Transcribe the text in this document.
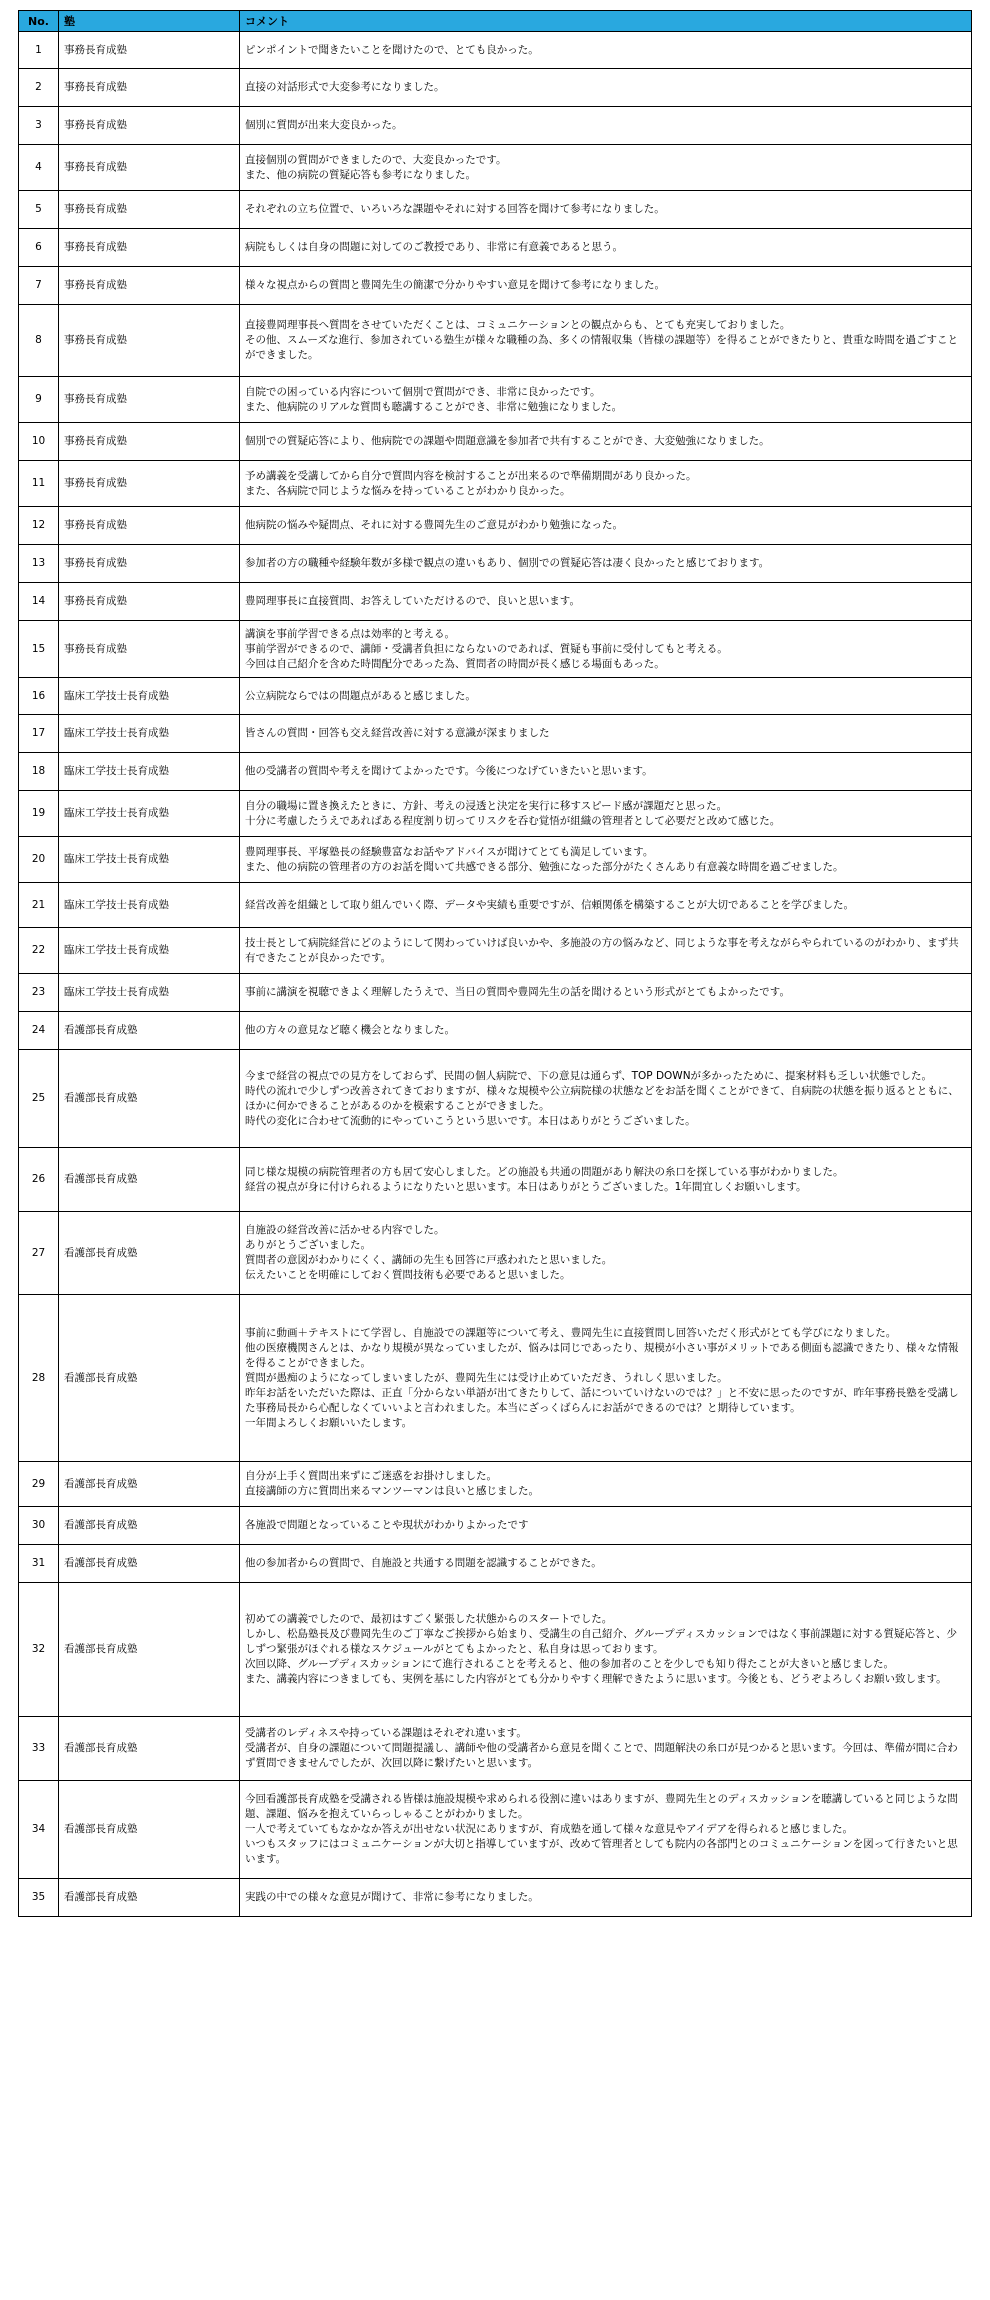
No.	塾	コメント
1	事務長育成塾	ピンポイントで聞きたいことを聞けたので、とても良かった。

2	事務長育成塾	直接の対話形式で大変参考になりました。

3	事務長育成塾	個別に質問が出来大変良かった。

4	事務長育成塾	直接個別の質問ができましたので、大変良かったです。
また、他の病院の質疑応答も参考になりました。

5	事務長育成塾	それぞれの立ち位置で、いろいろな課題やそれに対する回答を聞けて参考になりました。

6	事務長育成塾	病院もしくは自身の問題に対してのご教授であり、非常に有意義であると思う。

7	事務長育成塾	様々な視点からの質問と豊岡先生の簡潔で分かりやすい意見を聞けて参考になりました。

8	事務長育成塾	直接豊岡理事長へ質問をさせていただくことは、コミュニケーションとの観点からも、とても充実しておりました。
その他、スムーズな進行、参加されている塾生が様々な職種の為、多くの情報収集（皆様の課題等）を得ることができたりと、貴重な時間を過ごすことができました。

9	事務長育成塾	自院での困っている内容について個別で質問ができ、非常に良かったです。
また、他病院のリアルな質問も聴講することができ、非常に勉強になりました。

10	事務長育成塾	個別での質疑応答により、他病院での課題や問題意識を参加者で共有することができ、大変勉強になりました。

11	事務長育成塾	予め講義を受講してから自分で質問内容を検討することが出来るので準備期間があり良かった。
また、各病院で同じような悩みを持っていることがわかり良かった。

12	事務長育成塾	他病院の悩みや疑問点、それに対する豊岡先生のご意見がわかり勉強になった。

13	事務長育成塾	参加者の方の職種や経験年数が多様で観点の違いもあり、個別での質疑応答は凄く良かったと感じております。

14	事務長育成塾	豊岡理事長に直接質問、お答えしていただけるので、良いと思います。

15	事務長育成塾	講演を事前学習できる点は効率的と考える。
事前学習ができるので、講師・受講者負担にならないのであれば、質疑も事前に受付してもと考える。
今回は自己紹介を含めた時間配分であった為、質問者の時間が長く感じる場面もあった。

16	臨床工学技士長育成塾	公立病院ならではの問題点があると感じました。

17	臨床工学技士長育成塾	皆さんの質問・回答も交え経営改善に対する意識が深まりました

18	臨床工学技士長育成塾	他の受講者の質問や考えを聞けてよかったです。今後につなげていきたいと思います。

19	臨床工学技士長育成塾	自分の職場に置き換えたときに、方針、考えの浸透と決定を実行に移すスピード感が課題だと思った。
十分に考慮したうえであればある程度割り切ってリスクを呑む覚悟が組織の管理者として必要だと改めて感じた。

20	臨床工学技士長育成塾	豊岡理事長、平塚塾長の経験豊富なお話やアドバイスが聞けてとても満足しています。
また、他の病院の管理者の方のお話を聞いて共感できる部分、勉強になった部分がたくさんあり有意義な時間を過ごせました。

21	臨床工学技士長育成塾	経営改善を組織として取り組んでいく際、データや実績も重要ですが、信頼関係を構築することが大切であることを学びました。

22	臨床工学技士長育成塾	技士長として病院経営にどのようにして関わっていけば良いかや、多施設の方の悩みなど、同じような事を考えながらやられているのがわかり、まず共有できたことが良かったです。

23	臨床工学技士長育成塾	事前に講演を視聴できよく理解したうえで、当日の質問や豊岡先生の話を聞けるという形式がとてもよかったです。

24	看護部長育成塾	他の方々の意見など聴く機会となりました。

25	看護部長育成塾	今まで経営の視点での見方をしておらず、民間の個人病院で、下の意見は通らず、TOP DOWNが多かったために、提案材料も乏しい状態でした。
時代の流れで少しずつ改善されてきておりますが、様々な規模や公立病院様の状態などをお話を聞くことができて、自病院の状態を振り返るとともに、ほかに何かできることがあるのかを模索することができました。
時代の変化に合わせて流動的にやっていこうという思いです。本日はありがとうございました。

26	看護部長育成塾	同じ様な規模の病院管理者の方も居て安心しました。どの施設も共通の問題があり解決の糸口を探している事がわかりました。
経営の視点が身に付けられるようになりたいと思います。本日はありがとうございました。1年間宜しくお願いします。

27	看護部長育成塾	自施設の経営改善に活かせる内容でした。
ありがとうございました。
質問者の意図がわかりにくく、講師の先生も回答に戸惑われたと思いました。
伝えたいことを明確にしておく質問技術も必要であると思いました。

28	看護部長育成塾	事前に動画＋テキストにて学習し、自施設での課題等について考え、豊岡先生に直接質問し回答いただく形式がとても学びになりました。
他の医療機関さんとは、かなり規模が異なっていましたが、悩みは同じであったり、規模が小さい事がメリットである側面も認識できたり、様々な情報を得ることができました。
質問が愚痴のようになってしまいましたが、豊岡先生には受け止めていただき、うれしく思いました。
昨年お話をいただいた際は、正直「分からない単語が出てきたりして、話についていけないのでは？」と不安に思ったのですが、昨年事務長塾を受講した事務局長から心配しなくていいよと言われました。本当にざっくばらんにお話ができるのでは？と期待しています。
一年間よろしくお願いいたします。

29	看護部長育成塾	自分が上手く質問出来ずにご迷惑をお掛けしました。
直接講師の方に質問出来るマンツーマンは良いと感じました。

30	看護部長育成塾	各施設で問題となっていることや現状がわかりよかったです

31	看護部長育成塾	他の参加者からの質問で、自施設と共通する問題を認識することができた。

32	看護部長育成塾	初めての講義でしたので、最初はすごく緊張した状態からのスタートでした。
しかし、松島塾長及び豊岡先生のご丁寧なご挨拶から始まり、受講生の自己紹介、グループディスカッションではなく事前課題に対する質疑応答と、少しずつ緊張がほぐれる様なスケジュールがとてもよかったと、私自身は思っております。
次回以降、グループディスカッションにて進行されることを考えると、他の参加者のことを少しでも知り得たことが大きいと感じました。
また、講義内容につきましても、実例を基にした内容がとても分かりやすく理解できたように思います。今後とも、どうぞよろしくお願い致します。

33	看護部長育成塾	受講者のレディネスや持っている課題はそれぞれ違います。
受講者が、自身の課題について問題提議し、講師や他の受講者から意見を聞くことで、問題解決の糸口が見つかると思います。今回は、準備が間に合わず質問できませんでしたが、次回以降に繋げたいと思います。

34	看護部長育成塾	今回看護部長育成塾を受講される皆様は施設規模や求められる役割に違いはありますが、豊岡先生とのディスカッションを聴講していると同じような問題、課題、悩みを抱えていらっしゃることがわかりました。
一人で考えていてもなかなか答えが出せない状況にありますが、育成塾を通して様々な意見やアイデアを得られると感じました。
いつもスタッフにはコミュニケーションが大切と指導していますが、改めて管理者としても院内の各部門とのコミュニケーションを図って行きたいと思います。

35	看護部長育成塾	実践の中での様々な意見が聞けて、非常に参考になりました。
